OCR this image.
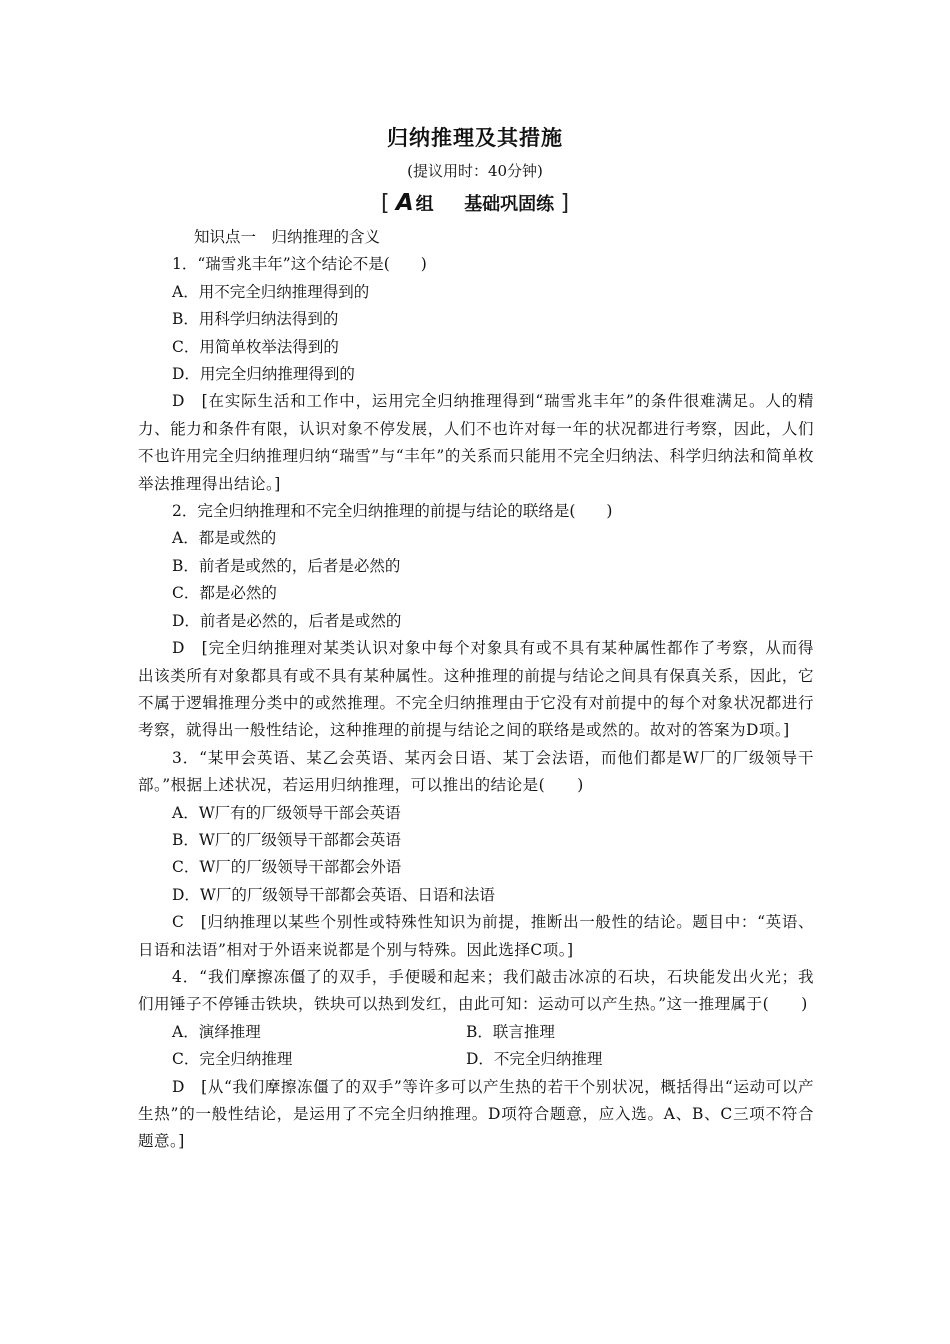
归纳推理及其措施
(提议用时：40分钟)
[ A 组 基础巩固练 ]
知识点一　归纳推理的含义
1．“瑞雪兆丰年”这个结论不是(　　)
A．用不完全归纳推理得到的
B．用科学归纳法得到的
C．用简单枚举法得到的
D．用完全归纳推理得到的
D　[在实际生活和工作中，运用完全归纳推理得到“瑞雪兆丰年”的条件很难满足。人的精力、能力和条件有限，认识对象不停发展，人们不也许对每一年的状况都进行考察，因此，人们不也许用完全归纳推理归纳“瑞雪”与“丰年”的关系而只能用不完全归纳法、科学归纳法和简单枚举法推理得出结论。]
2．完全归纳推理和不完全归纳推理的前提与结论的联络是(　　)
A．都是或然的
B．前者是或然的，后者是必然的
C．都是必然的
D．前者是必然的，后者是或然的
D　[完全归纳推理对某类认识对象中每个对象具有或不具有某种属性都作了考察，从而得出该类所有对象都具有或不具有某种属性。这种推理的前提与结论之间具有保真关系，因此，它不属于逻辑推理分类中的或然推理。不完全归纳推理由于它没有对前提中的每个对象状况都进行考察，就得出一般性结论，这种推理的前提与结论之间的联络是或然的。故对的答案为D项。]
3．“某甲会英语、某乙会英语、某丙会日语、某丁会法语，而他们都是W厂的厂级领导干部。”根据上述状况，若运用归纳推理，可以推出的结论是(　　)
A．W厂有的厂级领导干部会英语
B．W厂的厂级领导干部都会英语
C．W厂的厂级领导干部都会外语
D．W厂的厂级领导干部都会英语、日语和法语
C　[归纳推理以某些个别性或特殊性知识为前提，推断出一般性的结论。题目中：“英语、日语和法语”相对于外语来说都是个别与特殊。因此选择C项。]
4．“我们摩擦冻僵了的双手，手便暖和起来；我们敲击冰凉的石块，石块能发出火光；我们用锤子不停锤击铁块，铁块可以热到发红，由此可知：运动可以产生热。”这一推理属于(　　)
A．演绎推理	B．联言推理
C．完全归纳推理	D．不完全归纳推理
D　[从“我们摩擦冻僵了的双手”等许多可以产生热的若干个别状况，概括得出“运动可以产生热”的一般性结论，是运用了不完全归纳推理。D项符合题意，应入选。A、B、C三项不符合题意。]
